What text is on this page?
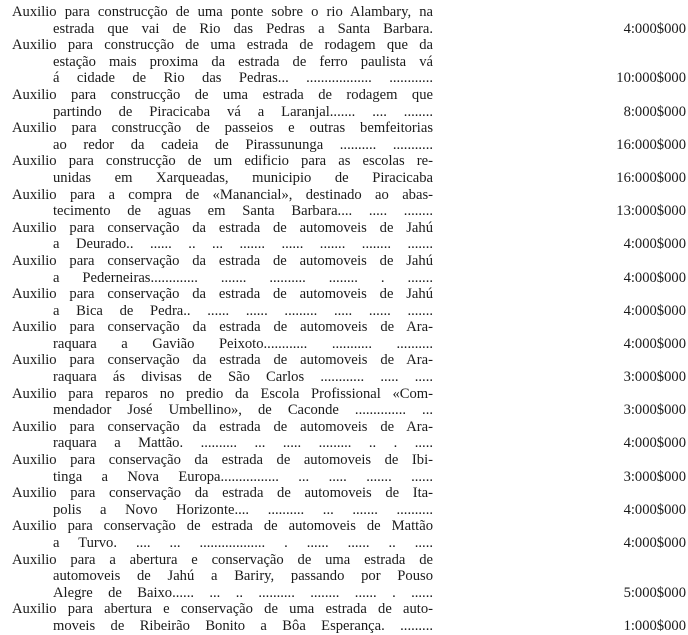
Auxilio para construcção de uma ponte sobre o rio Alambary, na
estrada que vai de Rio das Pedras a Santa Barbara.	4:000$000
Auxilio para construcção de uma estrada de rodagem que da
estação mais proxima da estrada de ferro paulista vá
á cidade de Rio das Pedras... .................. ............	10:000$000
Auxilio para construcção de uma estrada de rodagem que
partindo de Piracicaba vá a Laranjal....... .... ........	8:000$000
Auxilio para construcção de passeios e outras bemfeitorias
ao redor da cadeia de Pirassununga .......... ...........	16:000$000
Auxilio para construcção de um edificio para as escolas re-
unidas em Xarqueadas, municipio de Piracicaba	16:000$000
Auxilio para a compra de «Manancial», destinado ao abas-
tecimento de aguas em Santa Barbara.... ..... ........	13:000$000
Auxilio para conservação da estrada de automoveis de Jahú
a Deurado.. ...... .. ... ....... ...... ....... ........ .......	4:000$000
Auxilio para conservação da estrada de automoveis de Jahú
a Pederneiras............. ....... .......... ........ . .......	4:000$000
Auxilio para conservação da estrada de automoveis de Jahú
a Bica de Pedra.. ...... ...... ......... ..... ...... .......	4:000$000
Auxilio para conservação da estrada de automoveis de Ara-
raquara a Gavião Peixoto............ ........... ..........	4:000$000
Auxilio para conservação da estrada de automoveis de Ara-
raquara ás divisas de São Carlos ............ ..... .....	3:000$000
Auxilio para reparos no predio da Escola Profissional «Com-
mendador José Umbellino», de Caconde .............. ...	3:000$000
Auxilio para conservação da estrada de automoveis de Ara-
raquara a Mattão. .......... ... ..... ......... .. . .....	4:000$000
Auxilio para conservação da estrada de automoveis de Ibi-
tinga a Nova Europa................ ... ..... ....... ......	3:000$000
Auxilio para conservação da estrada de automoveis de Ita-
polis a Novo Horizonte.... .......... ... ....... ..........	4:000$000
Auxilio para conservação de estrada de automoveis de Mattão
a Turvo. .... ... .................. . ...... ...... .. .....	4:000$000
Auxilio para a abertura e conservação de uma estrada de
automoveis de Jahú a Bariry, passando por Pouso
Alegre de Baixo...... ... .. .......... ........ ...... . ......	5:000$000
Auxilio para abertura e conservação de uma estrada de auto-
moveis de Ribeirão Bonito a Bôa Esperança. .........	1:000$000
